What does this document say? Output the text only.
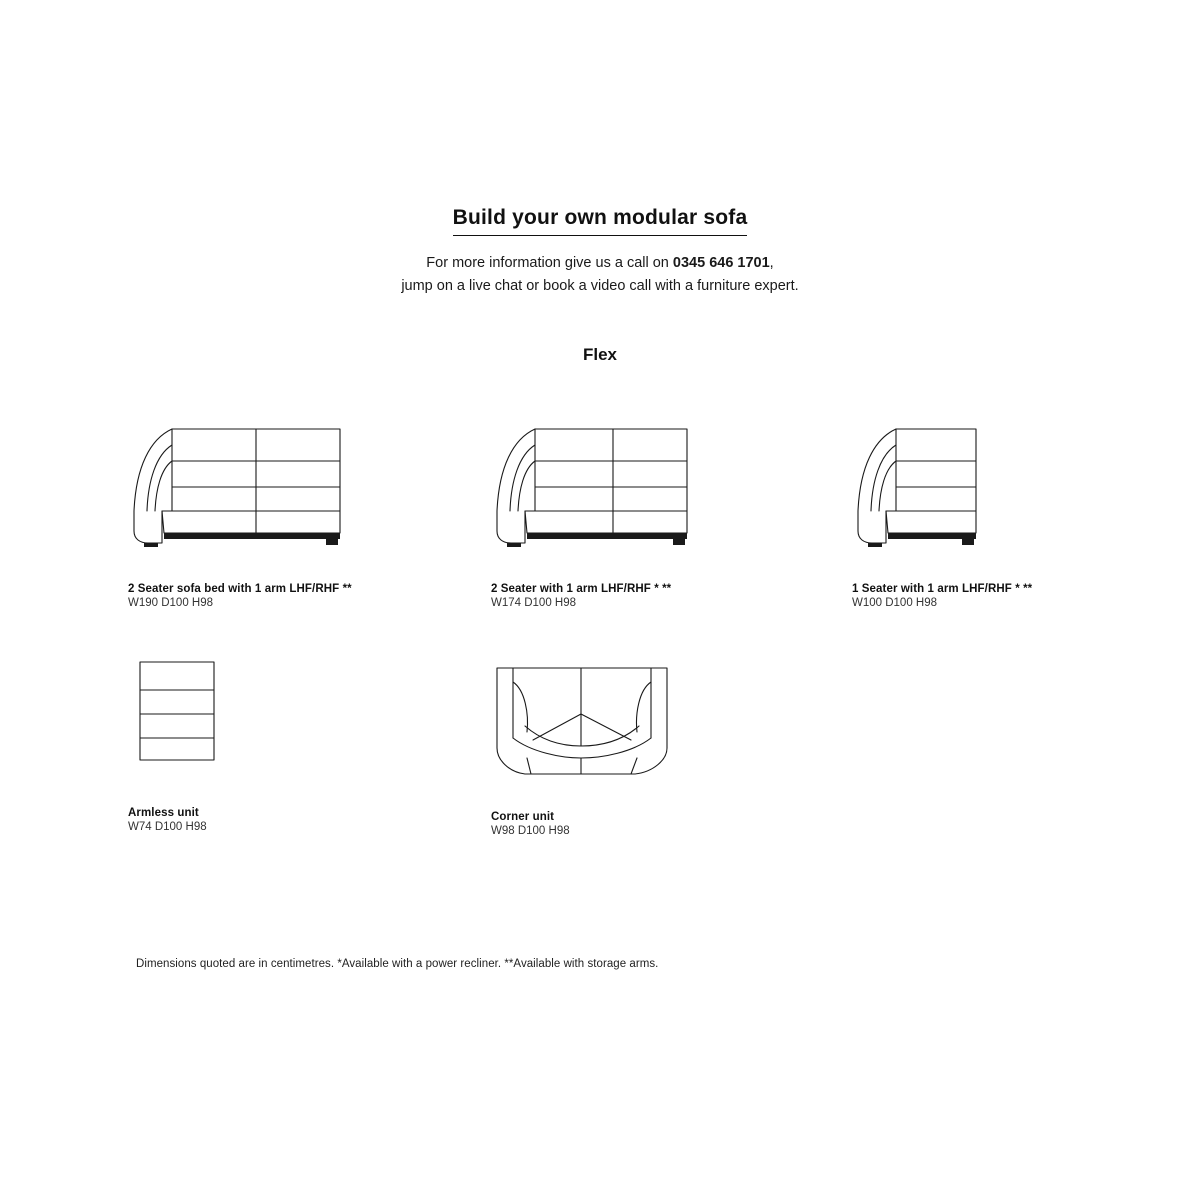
Build your own modular sofa
For more information give us a call on 0345 646 1701,
jump on a live chat or book a video call with a furniture expert.
Flex
2 Seater sofa bed with 1 arm LHF/RHF **
W190 D100 H98
2 Seater with 1 arm LHF/RHF * **
W174 D100 H98
1 Seater with 1 arm LHF/RHF * **
W100 D100 H98
Armless unit
W74 D100 H98
Corner unit
W98 D100 H98
Dimensions quoted are in centimetres. *Available with a power recliner. **Available with storage arms.
